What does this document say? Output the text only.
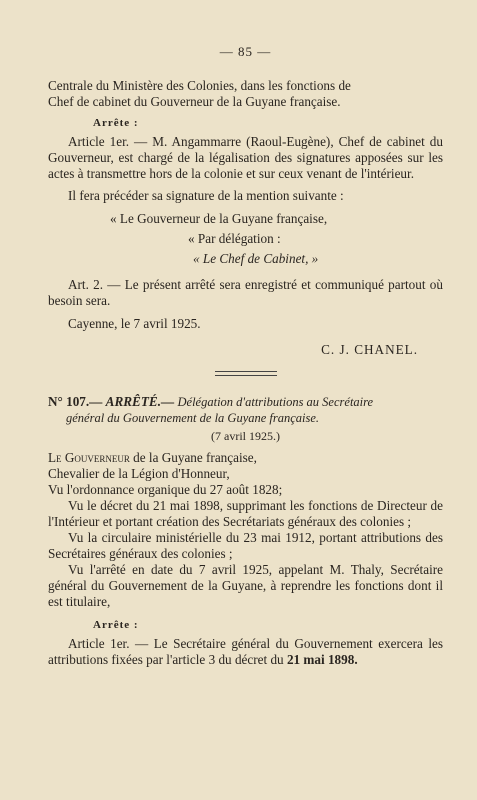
— 85 —

Centrale du Ministère des Colonies, dans les fonctions de

Chef de cabinet du Gouverneur de la Guyane française.

Arrête :

Article 1er. — M. Angammarre (Raoul-Eugène), Chef de cabinet du Gouverneur, est chargé de la légalisation des signatures apposées sur les actes à transmettre hors de la colonie et sur ceux venant de l'intérieur.

Il fera précéder sa signature de la mention suivante :

« Le Gouverneur de la Guyane française,

« Par délégation :

« Le Chef de Cabinet, »

Art. 2. — Le présent arrêté sera enregistré et communiqué partout où besoin sera.

Cayenne, le 7 avril 1925.

C. J. CHANEL.

N° 107.— ARRÊTÉ.— Délégation d'attributions au Secrétaire

général du Gouvernement de la Guyane française.

(7 avril 1925.)

Le Gouverneur de la Guyane française,

Chevalier de la Légion d'Honneur,

Vu l'ordonnance organique du 27 août 1828;

Vu le décret du 21 mai 1898, supprimant les fonctions de Directeur de l'Intérieur et portant création des Secrétariats généraux des colonies ;

Vu la circulaire ministérielle du 23 mai 1912, portant attributions des Secrétaires généraux des colonies ;

Vu l'arrêté en date du 7 avril 1925, appelant M. Thaly, Secrétaire général du Gouvernement de la Guyane, à reprendre les fonctions dont il est titulaire,

Arrête :

Article 1er. — Le Secrétaire général du Gouvernement exercera les attributions fixées par l'article 3 du décret du 21 mai 1898.
